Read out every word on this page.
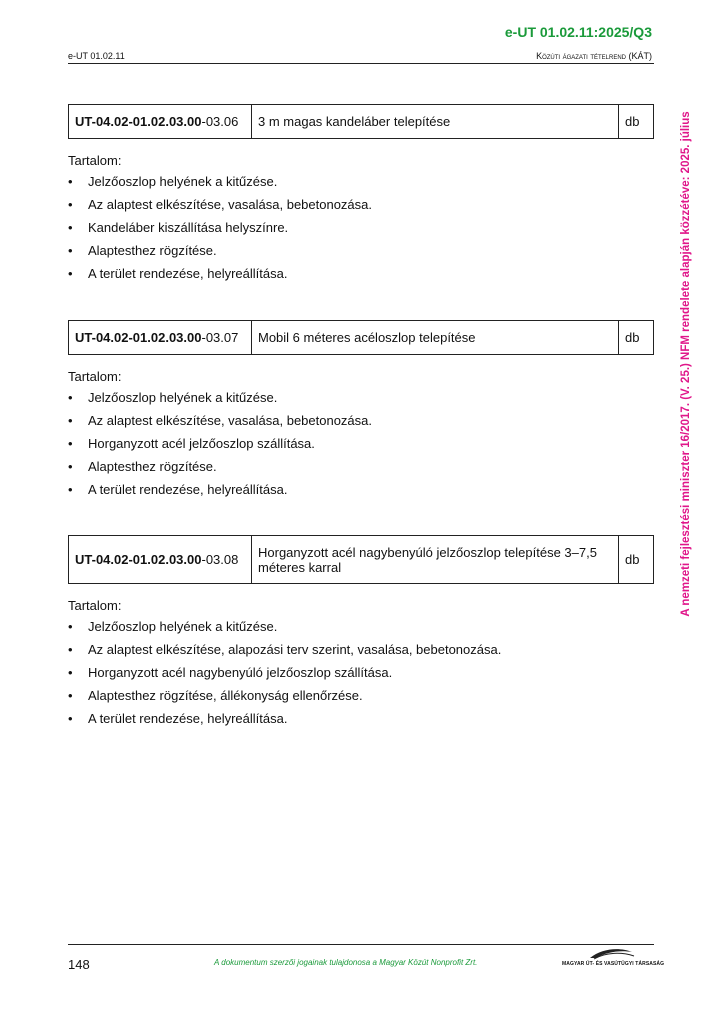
e-UT 01.02.11:2025/Q3
e-UT 01.02.11	Közúti ágazati tételrend (KÁT)
A nemzeti fejlesztési miniszter 16/2017. (V. 25.) NFM rendelete alapján közzétéve: 2025. július
UT-04.02-01.02.03.00-03.06	3 m magas kandeláber telepítése	db
Tartalom:
• Jelzőoszlop helyének a kitűzése.
• Az alaptest elkészítése, vasalása, bebetonozása.
• Kandeláber kiszállítása helyszínre.
• Alaptesthez rögzítése.
• A terület rendezése, helyreállítása.
UT-04.02-01.02.03.00-03.07	Mobil 6 méteres acéloszlop telepítése	db
Tartalom:
• Jelzőoszlop helyének a kitűzése.
• Az alaptest elkészítése, vasalása, bebetonozása.
• Horganyzott acél jelzőoszlop szállítása.
• Alaptesthez rögzítése.
• A terület rendezése, helyreállítása.
UT-04.02-01.02.03.00-03.08	Horganyzott acél nagybenyúló jelzőoszlop telepítése 3–7,5 méteres karral	db
Tartalom:
• Jelzőoszlop helyének a kitűzése.
• Az alaptest elkészítése, alapozási terv szerint, vasalása, bebetonozása.
• Horganyzott acél nagybenyúló jelzőoszlop szállítása.
• Alaptesthez rögzítése, állékonyság ellenőrzése.
• A terület rendezése, helyreállítása.
148	A dokumentum szerzői jogainak tulajdonosa a Magyar Közút Nonprofit Zrt.	MAGYAR ÚT- ÉS VASÚTÜGYI TÁRSASÁG
